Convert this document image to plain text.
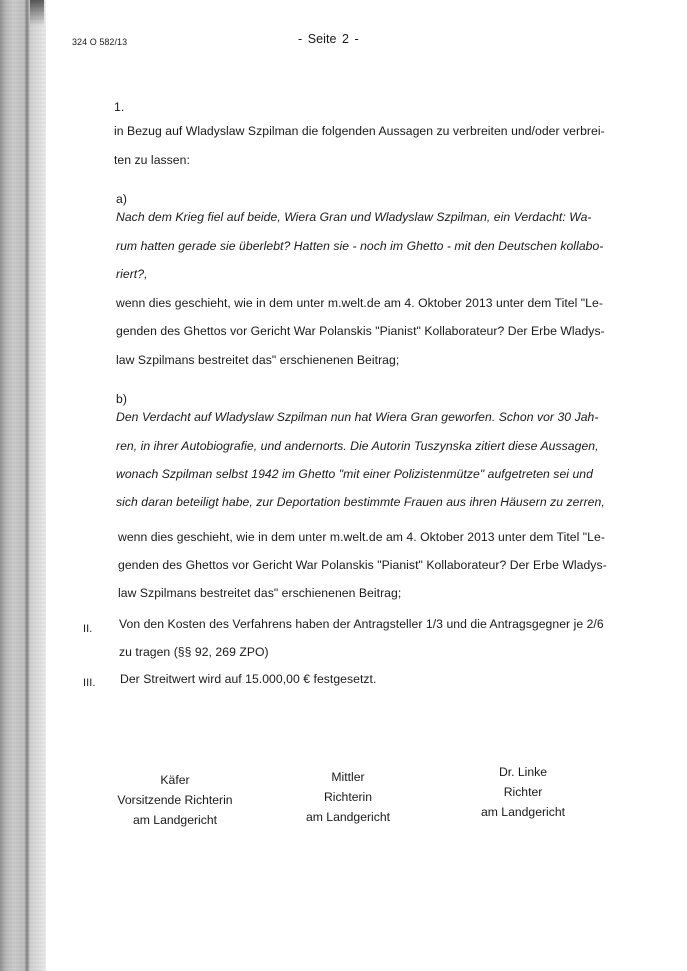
324 O 582/13	- Seite 2 -
1.
in Bezug auf Wladyslaw Szpilman die folgenden Aussagen zu verbreiten und/oder verbrei-
ten zu lassen:
a)
Nach dem Krieg fiel auf beide, Wiera Gran und Wladyslaw Szpilman, ein Verdacht: Wa-
rum hatten gerade sie überlebt? Hatten sie - noch im Ghetto - mit den Deutschen kollabo-
riert?,
wenn dies geschieht, wie in dem unter m.welt.de am 4. Oktober 2013 unter dem Titel "Le-
genden des Ghettos vor Gericht War Polanskis "Pianist" Kollaborateur? Der Erbe Wladys-
law Szpilmans bestreitet das" erschienenen Beitrag;
b)
Den Verdacht auf Wladyslaw Szpilman nun hat Wiera Gran geworfen. Schon vor 30 Jah-
ren, in ihrer Autobiografie, und andernorts. Die Autorin Tuszynska zitiert diese Aussagen,
wonach Szpilman selbst 1942 im Ghetto "mit einer Polizistenmütze" aufgetreten sei und
sich daran beteiligt habe, zur Deportation bestimmte Frauen aus ihren Häusern zu zerren,
wenn dies geschieht, wie in dem unter m.welt.de am 4. Oktober 2013 unter dem Titel "Le-
genden des Ghettos vor Gericht War Polanskis "Pianist" Kollaborateur? Der Erbe Wladys-
law Szpilmans bestreitet das" erschienenen Beitrag;
II. Von den Kosten des Verfahrens haben der Antragsteller 1/3 und die Antragsgegner je 2/6
zu tragen (§§ 92, 269 ZPO)
III. Der Streitwert wird auf 15.000,00 € festgesetzt.
Käfer
Vorsitzende Richterin
am Landgericht
Mittler
Richterin
am Landgericht
Dr. Linke
Richter
am Landgericht
